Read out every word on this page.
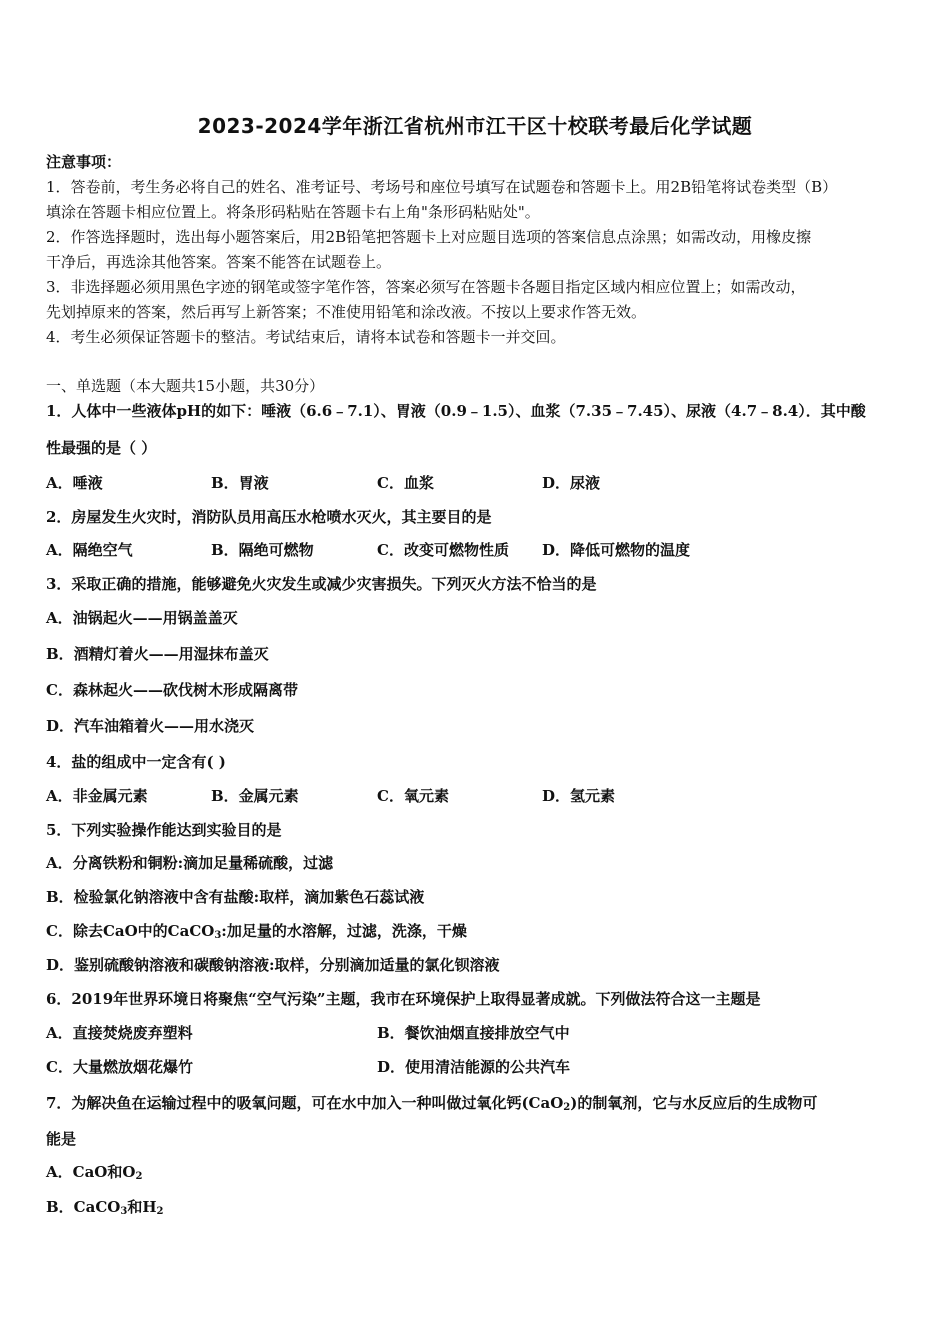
2023-2024学年浙江省杭州市江干区十校联考最后化学试题
注意事项：
1．答卷前，考生务必将自己的姓名、准考证号、考场号和座位号填写在试题卷和答题卡上。用2B铅笔将试卷类型（B）
填涂在答题卡相应位置上。将条形码粘贴在答题卡右上角"条形码粘贴处"。
2．作答选择题时，选出每小题答案后，用2B铅笔把答题卡上对应题目选项的答案信息点涂黑；如需改动，用橡皮擦
干净后，再选涂其他答案。答案不能答在试题卷上。
3．非选择题必须用黑色字迹的钢笔或签字笔作答，答案必须写在答题卡各题目指定区域内相应位置上；如需改动，
先划掉原来的答案，然后再写上新答案；不准使用铅笔和涂改液。不按以上要求作答无效。
4．考生必须保证答题卡的整洁。考试结束后，请将本试卷和答题卡一并交回。
一、单选题（本大题共15小题，共30分）
1．人体中一些液体pH的如下：唾液（6.6﹣7.1）、胃液（0.9﹣1.5）、血浆（7.35﹣7.45）、尿液（4.7﹣8.4）．其中酸
性最强的是（ ）
A．唾液	B．胃液	C．血浆	D．尿液
2．房屋发生火灾时，消防队员用高压水枪喷水灭火，其主要目的是
A．隔绝空气	B．隔绝可燃物	C．改变可燃物性质 D．降低可燃物的温度
3．采取正确的措施，能够避免火灾发生或减少灾害损失。下列灭火方法不恰当的是
A．油锅起火——用锅盖盖灭
B．酒精灯着火——用湿抹布盖灭
C．森林起火——砍伐树木形成隔离带
D．汽车油箱着火——用水浇灭
4．盐的组成中一定含有( )
A．非金属元素	B．金属元素	C．氧元素	D．氢元素
5．下列实验操作能达到实验目的是
A．分离铁粉和铜粉:滴加足量稀硫酸，过滤
B．检验氯化钠溶液中含有盐酸:取样，滴加紫色石蕊试液
C．除去CaO中的CaCO$_3$:加足量的水溶解，过滤，洗涤，干燥
D．鉴别硫酸钠溶液和碳酸钠溶液:取样，分别滴加适量的氯化钡溶液
6．2019年世界环境日将聚焦“空气污染”主题，我市在环境保护上取得显著成就。下列做法符合这一主题是
A．直接焚烧废弃塑料	B．餐饮油烟直接排放空气中
C．大量燃放烟花爆竹	D．使用清洁能源的公共汽车
7．为解决鱼在运输过程中的吸氧问题，可在水中加入一种叫做过氧化钙(CaO$_2$)的制氧剂，它与水反应后的生成物可
能是
A．CaO和$O_2$
B．CaCO$_3$和$H_2$
